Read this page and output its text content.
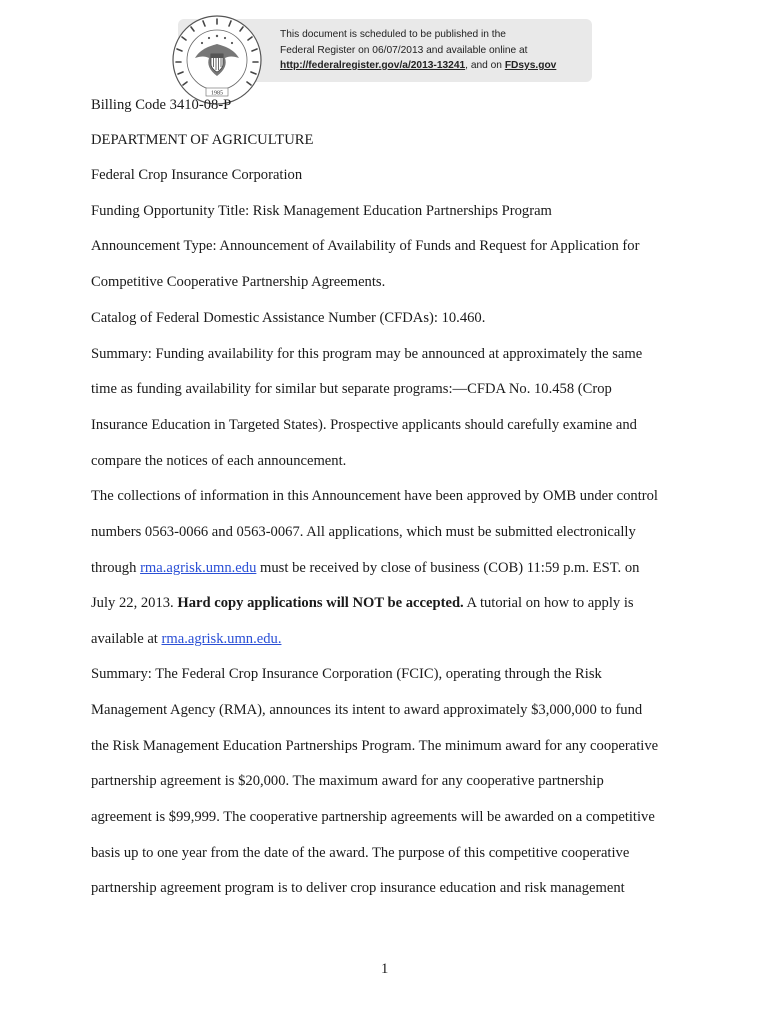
1985
This document is scheduled to be published in the
Federal Register on 06/07/2013 and available online at
http://federalregister.gov/a/2013-13241, and on FDsys.gov
Billing Code 3410-08-P
DEPARTMENT OF AGRICULTURE
Federal Crop Insurance Corporation
Funding Opportunity Title: Risk Management Education Partnerships Program
Announcement Type: Announcement of Availability of Funds and Request for Application for
Competitive Cooperative Partnership Agreements.
Catalog of Federal Domestic Assistance Number (CFDAs): 10.460.
Summary: Funding availability for this program may be announced at approximately the same
time as funding availability for similar but separate programs:—CFDA No. 10.458 (Crop
Insurance Education in Targeted States). Prospective applicants should carefully examine and
compare the notices of each announcement.
The collections of information in this Announcement have been approved by OMB under control
numbers 0563-0066 and 0563-0067. All applications, which must be submitted electronically
through rma.agrisk.umn.edu must be received by close of business (COB) 11:59 p.m. EST. on
July 22, 2013. Hard copy applications will NOT be accepted. A tutorial on how to apply is
available at rma.agrisk.umn.edu.
Summary: The Federal Crop Insurance Corporation (FCIC), operating through the Risk
Management Agency (RMA), announces its intent to award approximately $3,000,000 to fund
the Risk Management Education Partnerships Program. The minimum award for any cooperative
partnership agreement is $20,000. The maximum award for any cooperative partnership
agreement is $99,999. The cooperative partnership agreements will be awarded on a competitive
basis up to one year from the date of the award. The purpose of this competitive cooperative
partnership agreement program is to deliver crop insurance education and risk management
1
